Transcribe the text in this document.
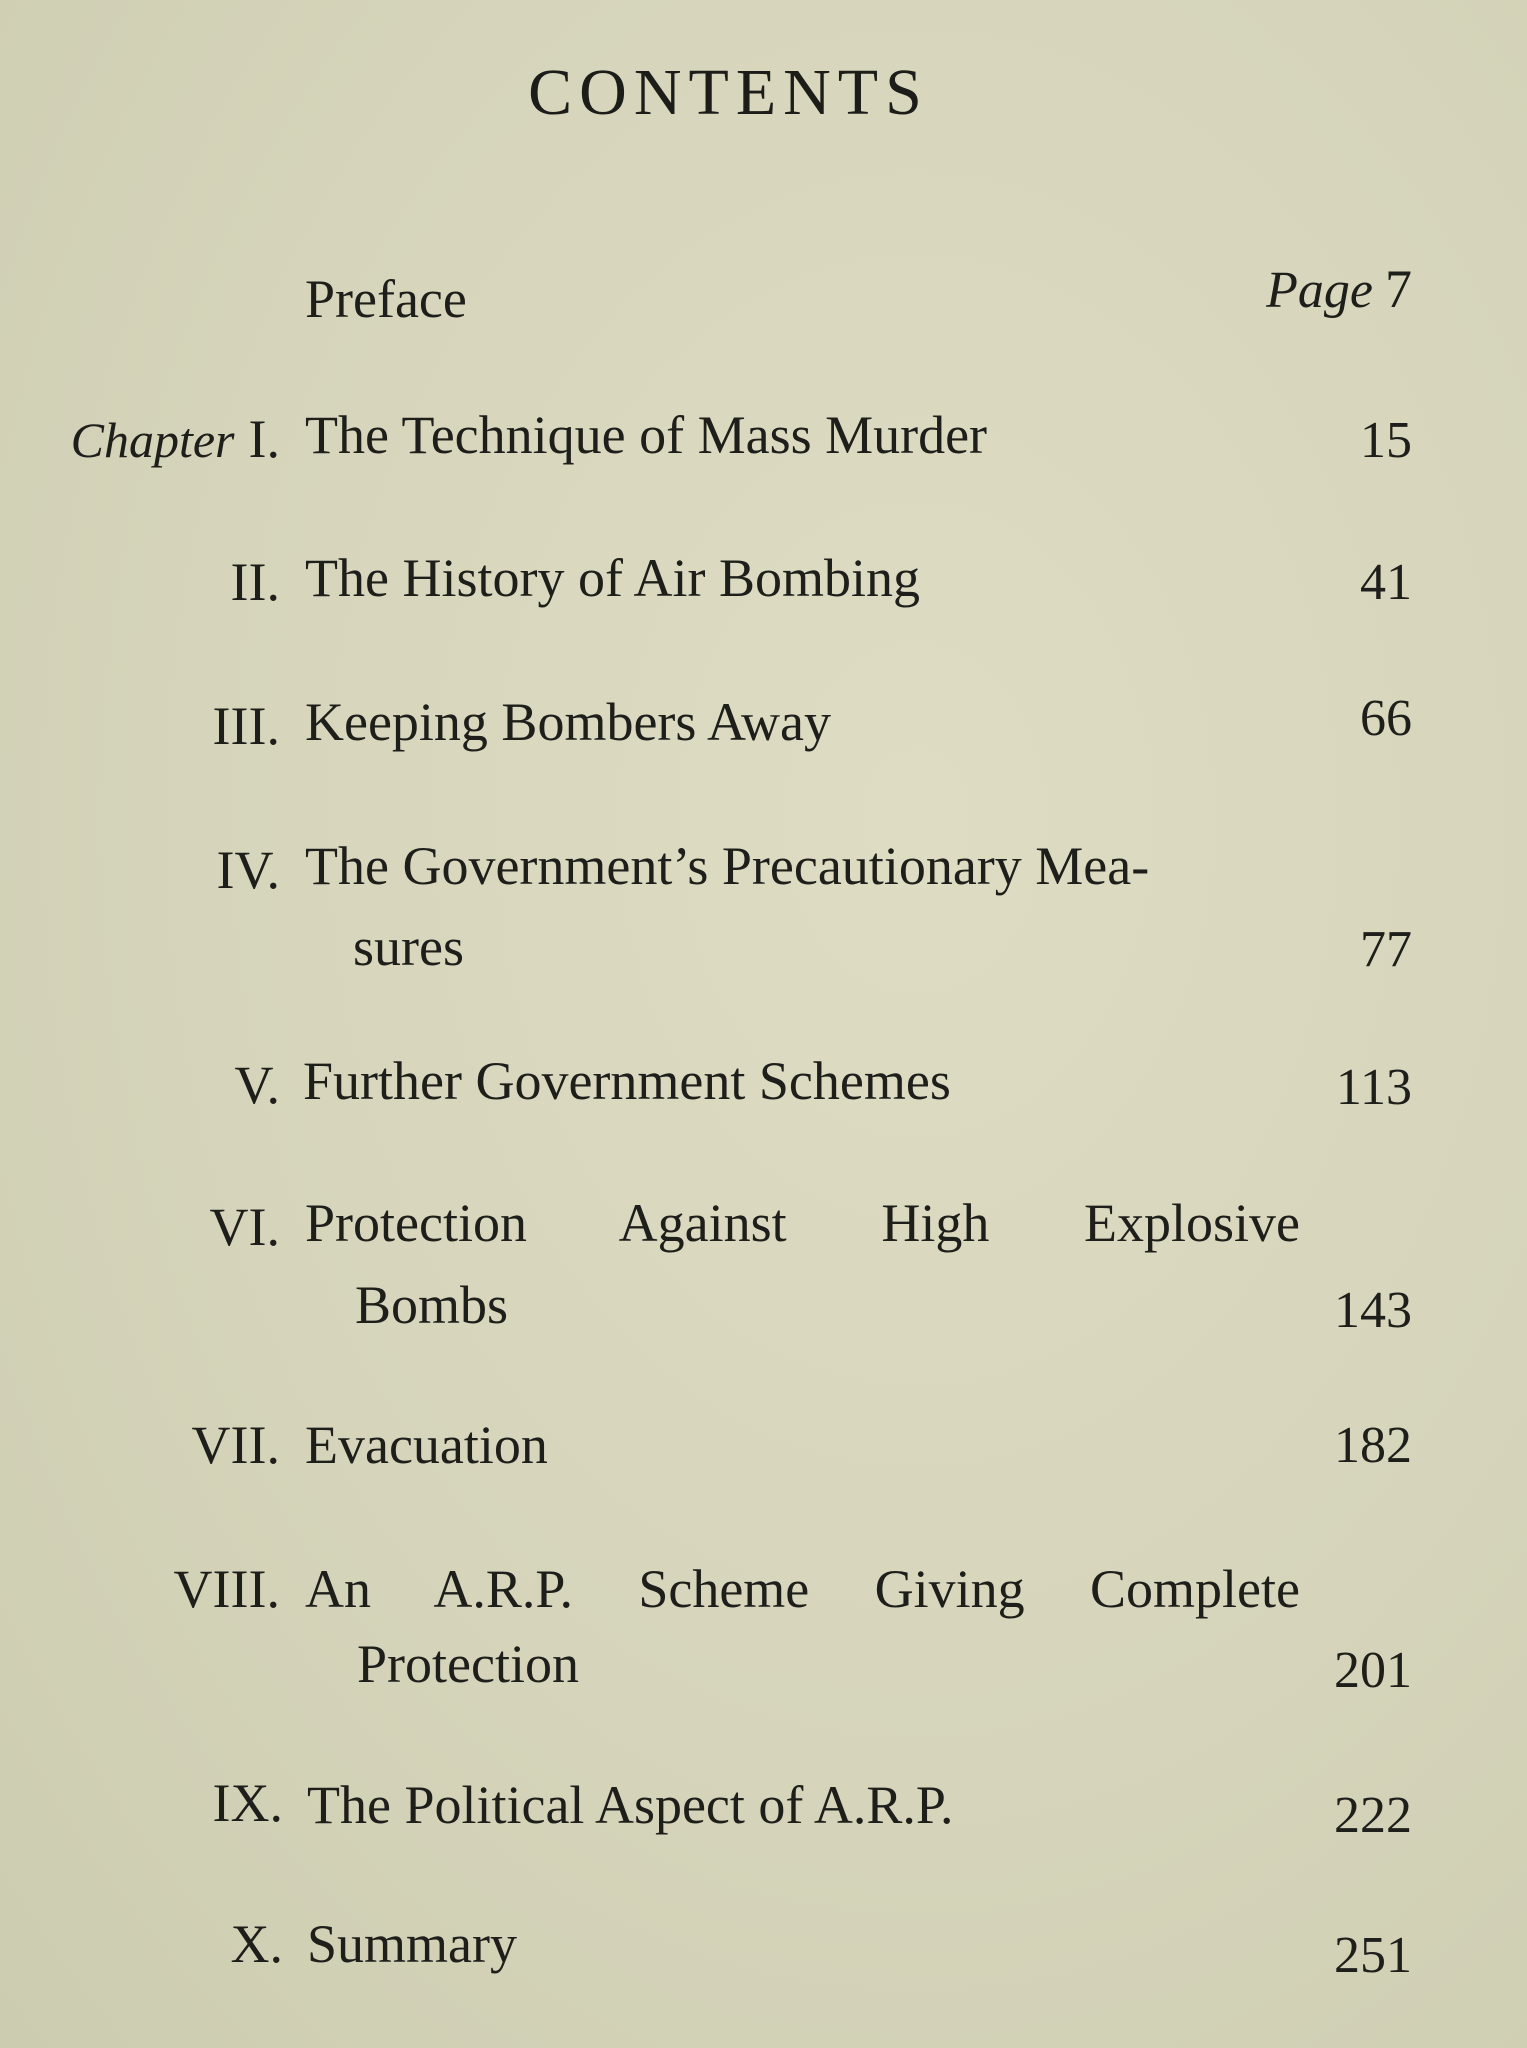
CONTENTS
Preface	Page 7
Chapter I. The Technique of Mass Murder	15
II. The History of Air Bombing	41
III. Keeping Bombers Away	66
IV. The Government’s Precautionary Mea-
sures	77
V. Further Government Schemes	113
VI. Protection Against High Explosive
Bombs	143
VII. Evacuation	182
VIII. An A.R.P. Scheme Giving Complete
Protection	201
IX. The Political Aspect of A.R.P.	222
X. Summary	251
